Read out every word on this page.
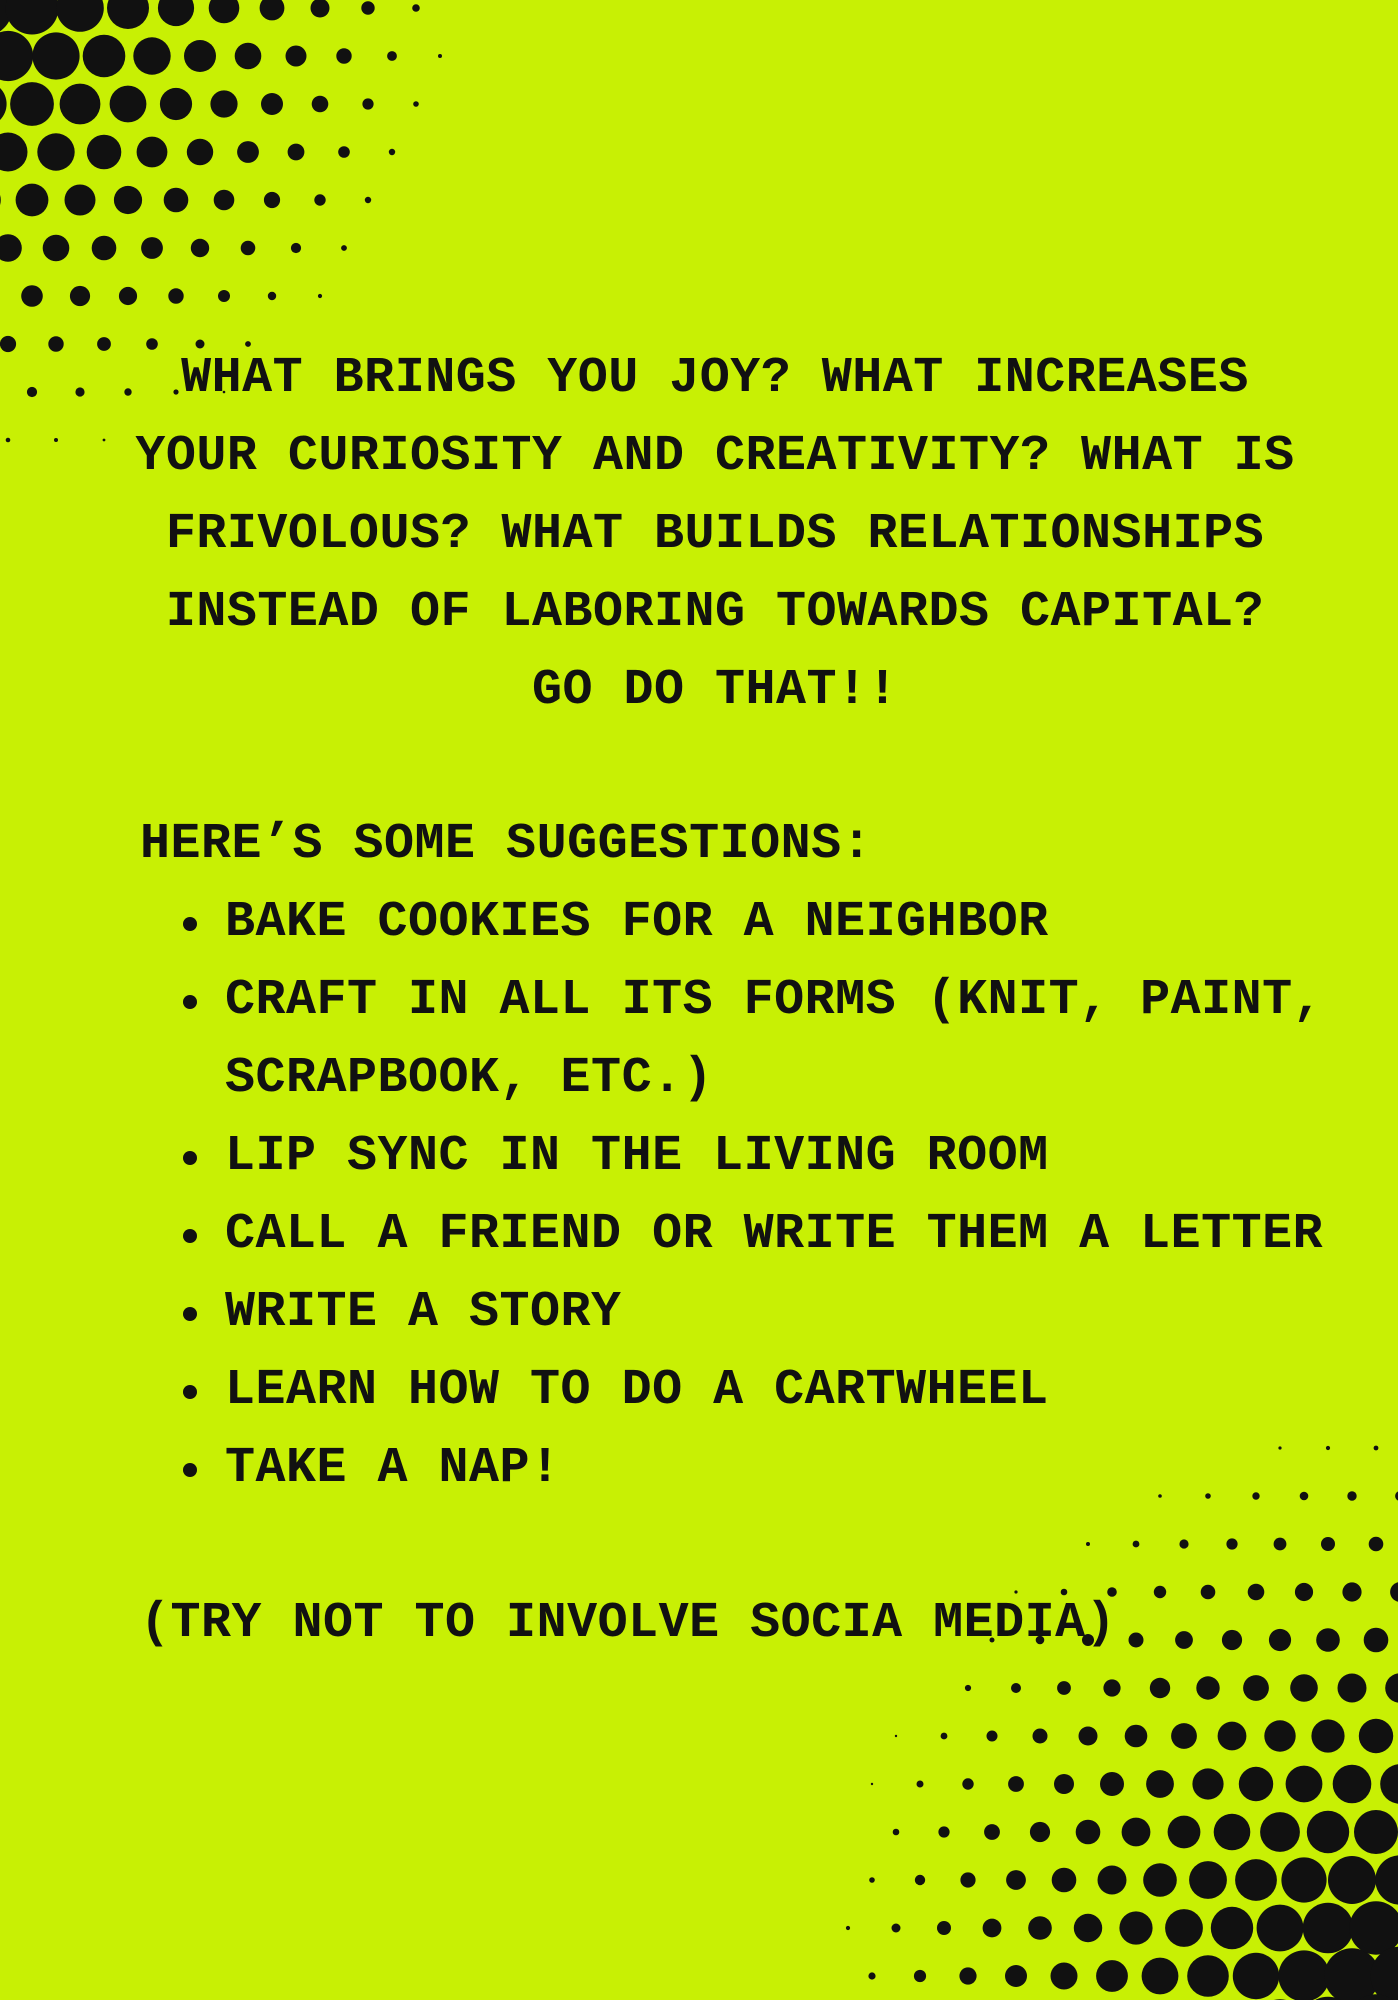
WHAT BRINGS YOU JOY? WHAT INCREASES

YOUR CURIOSITY AND CREATIVITY? WHAT IS

FRIVOLOUS? WHAT BUILDS RELATIONSHIPS

INSTEAD OF LABORING TOWARDS CAPITAL?

GO DO THAT!!

HERE’S SOME SUGGESTIONS:

BAKE COOKIES FOR A NEIGHBOR
CRAFT IN ALL ITS FORMS (KNIT, PAINT, SCRAPBOOK, ETC.)
LIP SYNC IN THE LIVING ROOM
CALL A FRIEND OR WRITE THEM A LETTER
WRITE A STORY
LEARN HOW TO DO A CARTWHEEL
TAKE A NAP!

(TRY NOT TO INVOLVE SOCIA MEDIA)
